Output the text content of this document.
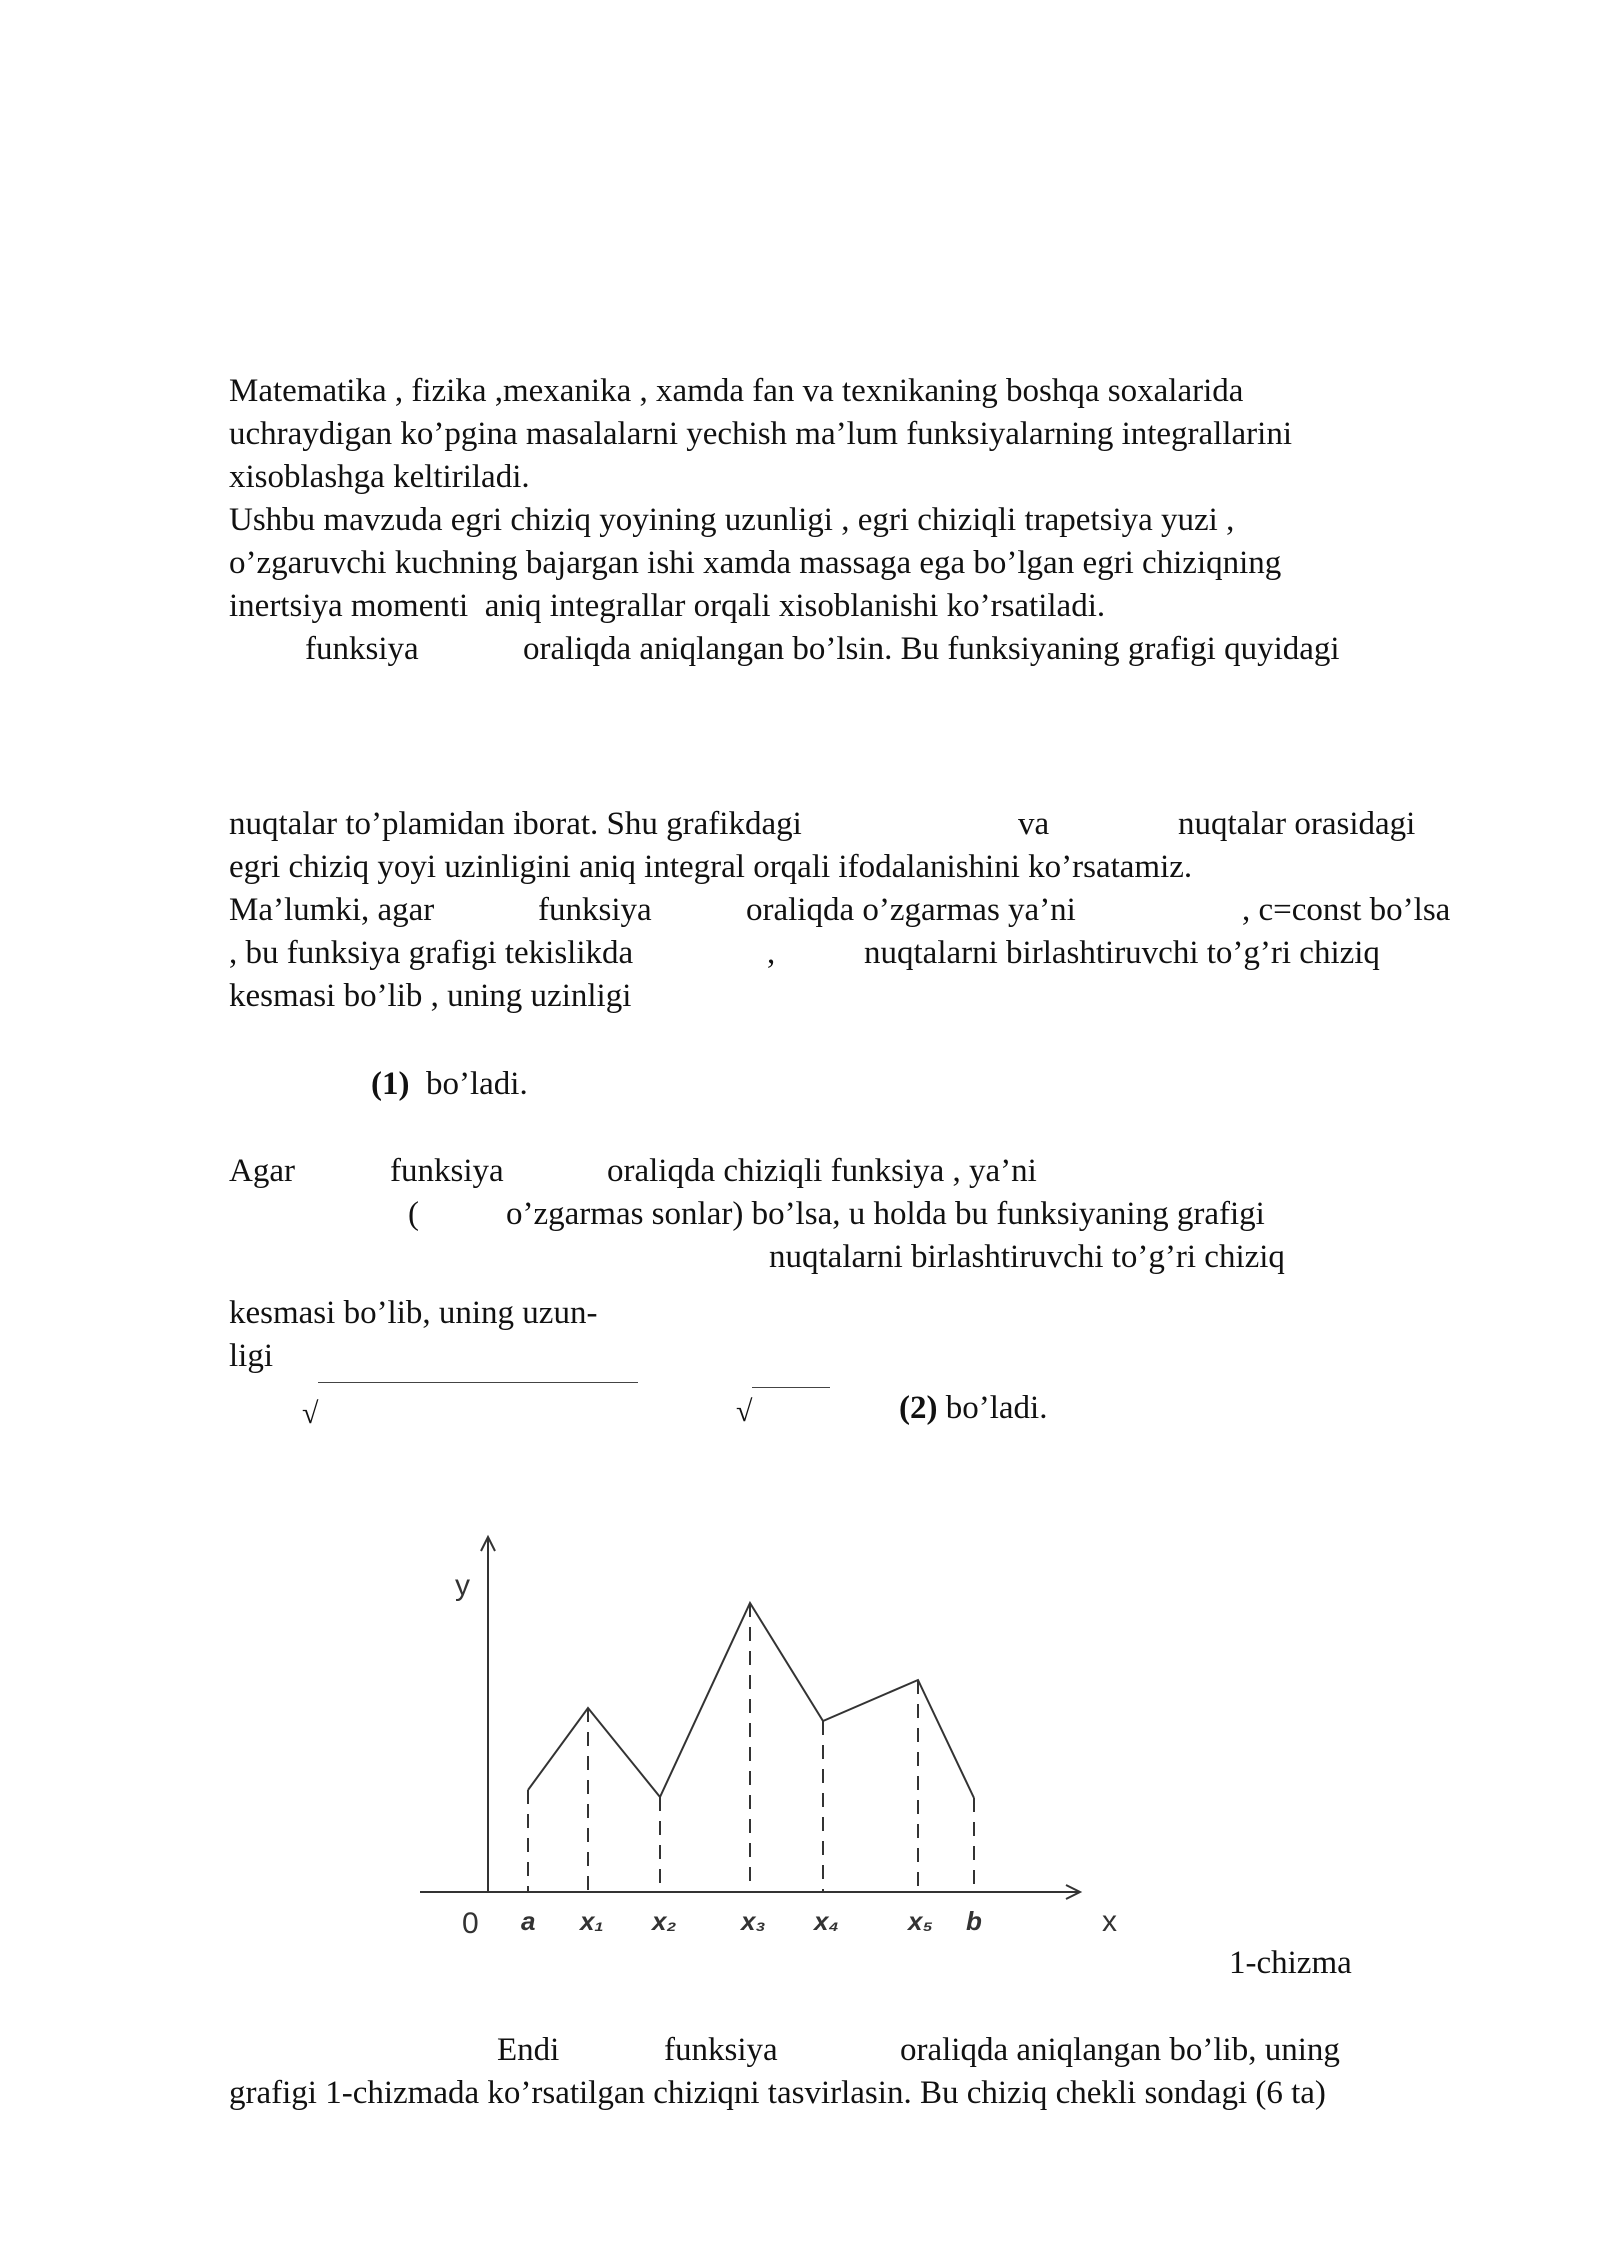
Matematika , fizika ,mexanika , xamda fan va texnikaning boshqa soxalarida
uchraydigan ko’pgina masalalarni yechish ma’lum funksiyalarning integrallarini
xisoblashga keltiriladi.
Ushbu mavzuda egri chiziq yoyining uzunligi , egri chiziqli trapetsiya yuzi ,
o’zgaruvchi kuchning bajargan ishi xamda massaga ega bo’lgan egri chiziqning
inertsiya momenti  aniq integrallar orqali xisoblanishi ko’rsatiladi.
funksiya	oraliqda aniqlangan bo’lsin. Bu funksiyaning grafigi quyidagi
nuqtalar to’plamidan iborat. Shu grafikdagi	va	nuqtalar orasidagi
egri chiziq yoyi uzinligini aniq integral orqali ifodalanishini ko’rsatamiz.
Ma’lumki, agar	funksiya	oraliqda o’zgarmas ya’ni	, c=const bo’lsa
, bu funksiya grafigi tekislikda	,	nuqtalarni birlashtiruvchi to’g’ri chiziq
kesmasi bo’lib , uning uzinligi
(1) bo’ladi.
Agar	funksiya	oraliqda chiziqli funksiya , ya’ni
(	o’zgarmas sonlar) bo’lsa, u holda bu funksiyaning grafigi
nuqtalarni birlashtiruvchi to’g’ri chiziq
kesmasi bo’lib, uning uzun-
ligi
√	√	(2) bo’ladi.
y
x
0 a x₁ x₂ x₃ x₄	x₅ b
1-chizma
Endi	funksiya	oraliqda aniqlangan bo’lib, uning
grafigi 1-chizmada ko’rsatilgan chiziqni tasvirlasin. Bu chiziq chekli sondagi (6 ta)
